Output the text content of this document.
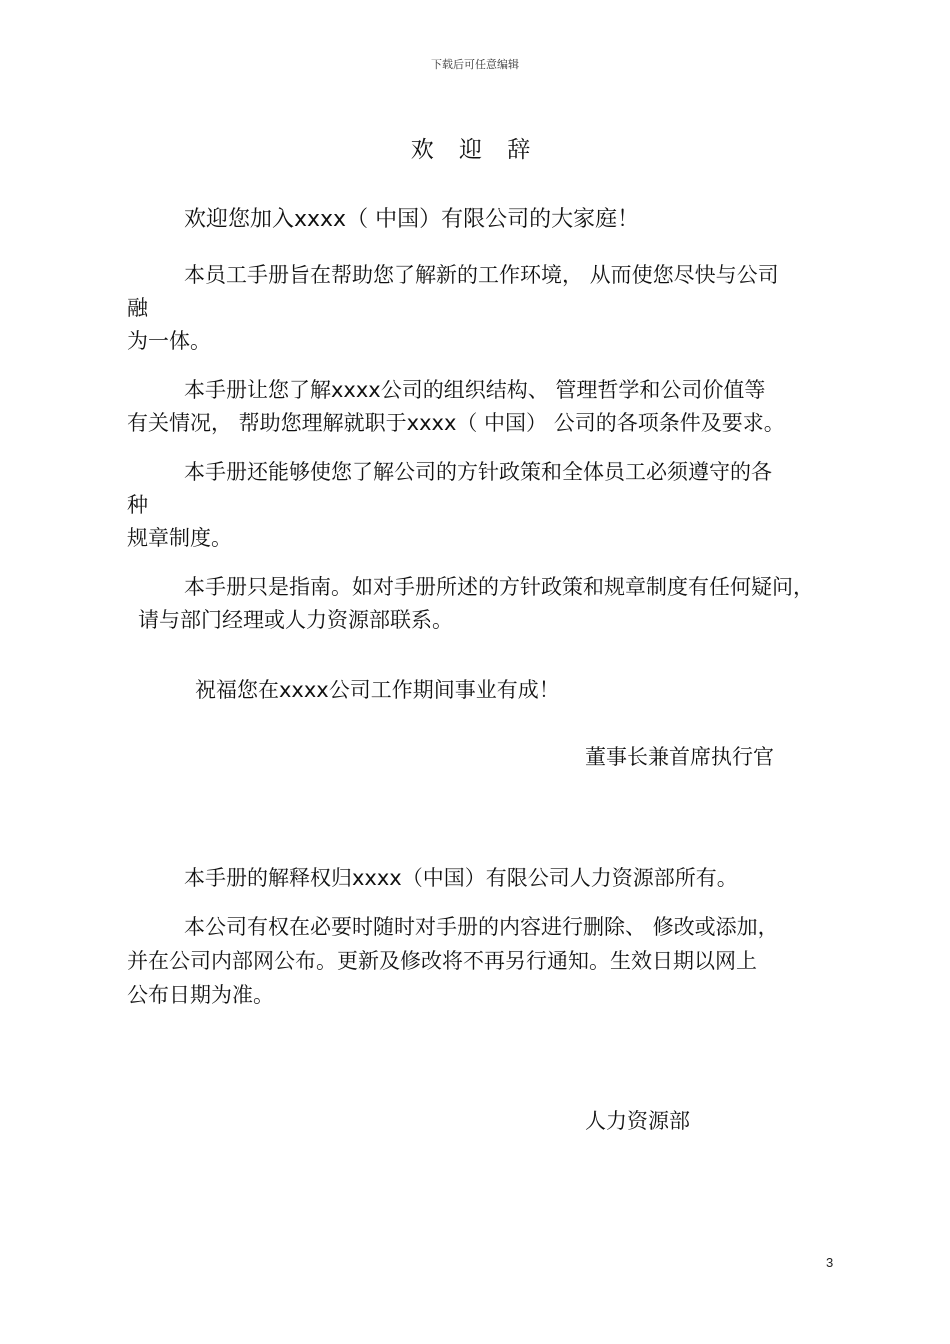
下载后可任意编辑
欢 迎 辞

欢迎您加入xxxx（ 中国）有限公司的大家庭！

本员工手册旨在帮助您了解新的工作环境， 从而使您尽快与公司

融

为一体。

本手册让您了解xxxx公司的组织结构、 管理哲学和公司价值等

有关情况， 帮助您理解就职于xxxx（ 中国） 公司的各项条件及要求。

本手册还能够使您了解公司的方针政策和全体员工必须遵守的各

种

规章制度。

本手册只是指南。如对手册所述的方针政策和规章制度有任何疑问，

请与部门经理或人力资源部联系。

祝福您在xxxx公司工作期间事业有成！

董事长兼首席执行官

本手册的解释权归xxxx（中国）有限公司人力资源部所有。

本公司有权在必要时随时对手册的内容进行删除、 修改或添加，

并在公司内部网公布。更新及修改将不再另行通知。生效日期以网上

公布日期为准。

人力资源部

3
